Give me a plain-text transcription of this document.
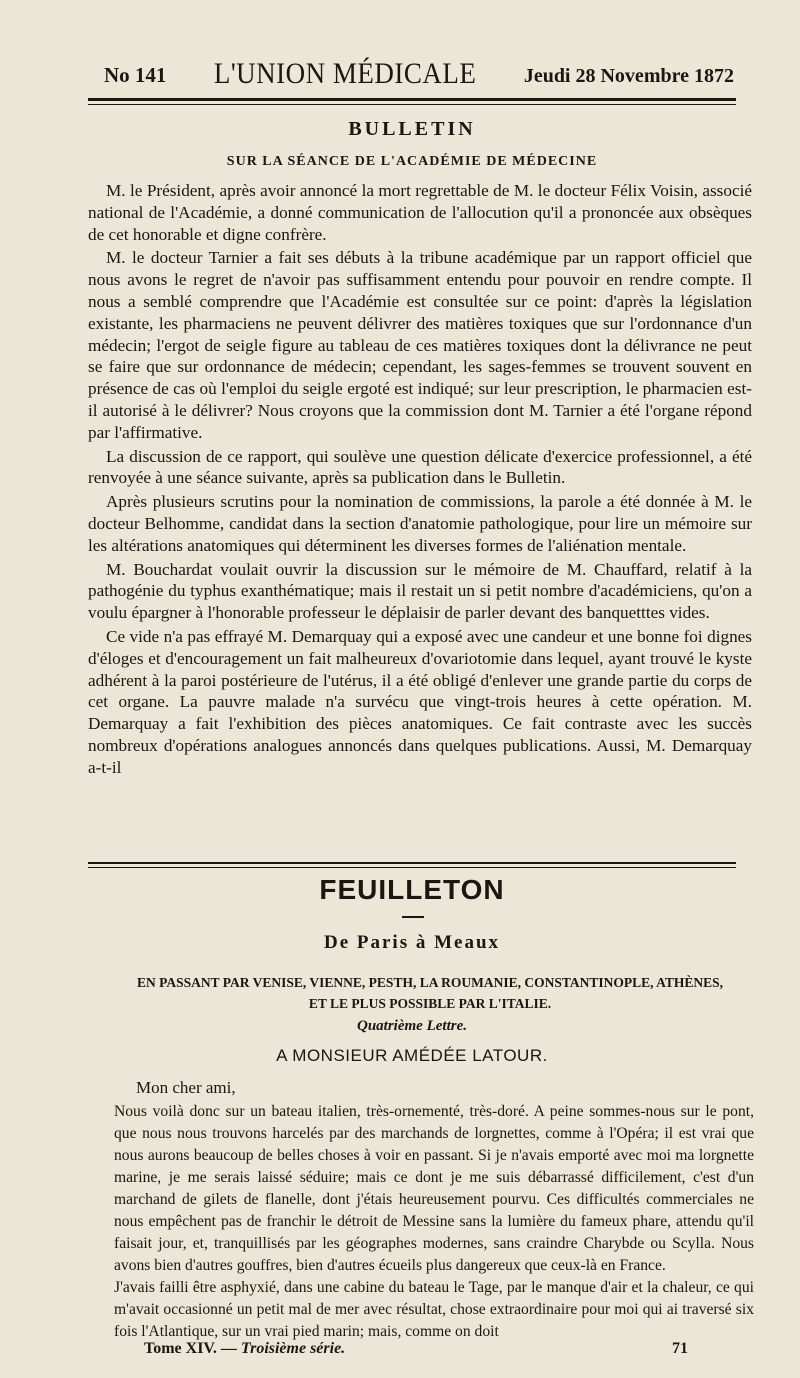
No 141 L'UNION MÉDICALE Jeudi 28 Novembre 1872
BULLETIN
SUR LA SÉANCE DE L'ACADÉMIE DE MÉDECINE

M. le Président, après avoir annoncé la mort regrettable de M. le docteur Félix Voisin, associé national de l'Académie, a donné communication de l'allocution qu'il a prononcée aux obsèques de cet honorable et digne confrère.

M. le docteur Tarnier a fait ses débuts à la tribune académique par un rapport officiel que nous avons le regret de n'avoir pas suffisamment entendu pour pouvoir en rendre compte. Il nous a semblé comprendre que l'Académie est consultée sur ce point: d'après la législation existante, les pharmaciens ne peuvent délivrer des matières toxiques que sur l'ordonnance d'un médecin; l'ergot de seigle figure au tableau de ces matières toxiques dont la délivrance ne peut se faire que sur ordonnance de médecin; cependant, les sages-femmes se trouvent souvent en présence de cas où l'emploi du seigle ergoté est indiqué; sur leur prescription, le pharmacien est-il autorisé à le délivrer? Nous croyons que la commission dont M. Tarnier a été l'organe répond par l'affirmative.

La discussion de ce rapport, qui soulève une question délicate d'exercice professionnel, a été renvoyée à une séance suivante, après sa publication dans le Bulletin.

Après plusieurs scrutins pour la nomination de commissions, la parole a été donnée à M. le docteur Belhomme, candidat dans la section d'anatomie pathologique, pour lire un mémoire sur les altérations anatomiques qui déterminent les diverses formes de l'aliénation mentale.

M. Bouchardat voulait ouvrir la discussion sur le mémoire de M. Chauffard, relatif à la pathogénie du typhus exanthématique; mais il restait un si petit nombre d'académiciens, qu'on a voulu épargner à l'honorable professeur le déplaisir de parler devant des banquetttes vides.

Ce vide n'a pas effrayé M. Demarquay qui a exposé avec une candeur et une bonne foi dignes d'éloges et d'encouragement un fait malheureux d'ovariotomie dans lequel, ayant trouvé le kyste adhérent à la paroi postérieure de l'utérus, il a été obligé d'enlever une grande partie du corps de cet organe. La pauvre malade n'a survécu que vingt-trois heures à cette opération. M. Demarquay a fait l'exhibition des pièces anatomiques. Ce fait contraste avec les succès nombreux d'opérations analogues annoncés dans quelques publications. Aussi, M. Demarquay a-t-il

FEUILLETON
De Paris à Meaux
EN PASSANT PAR VENISE, VIENNE, PESTH, LA ROUMANIE, CONSTANTINOPLE, ATHÈNES,
ET LE PLUS POSSIBLE PAR L'ITALIE.
Quatrième Lettre.
A MONSIEUR AMÉDÉE LATOUR.
Mon cher ami,

Nous voilà donc sur un bateau italien, très-ornementé, très-doré. A peine sommes-nous sur le pont, que nous nous trouvons harcelés par des marchands de lorgnettes, comme à l'Opéra; il est vrai que nous aurons beaucoup de belles choses à voir en passant. Si je n'avais emporté avec moi ma lorgnette marine, je me serais laissé séduire; mais ce dont je me suis débarrassé difficilement, c'est d'un marchand de gilets de flanelle, dont j'étais heureusement pourvu. Ces difficultés commerciales ne nous empêchent pas de franchir le détroit de Messine sans la lumière du fameux phare, attendu qu'il faisait jour, et, tranquillisés par les géographes modernes, sans craindre Charybde ou Scylla. Nous avons bien d'autres gouffres, bien d'autres écueils plus dangereux que ceux-là en France.

J'avais failli être asphyxié, dans une cabine du bateau le Tage, par le manque d'air et la chaleur, ce qui m'avait occasionné un petit mal de mer avec résultat, chose extraordinaire pour moi qui ai traversé six fois l'Atlantique, sur un vrai pied marin; mais, comme on doit

Tome XIV. — Troisième série.	71
